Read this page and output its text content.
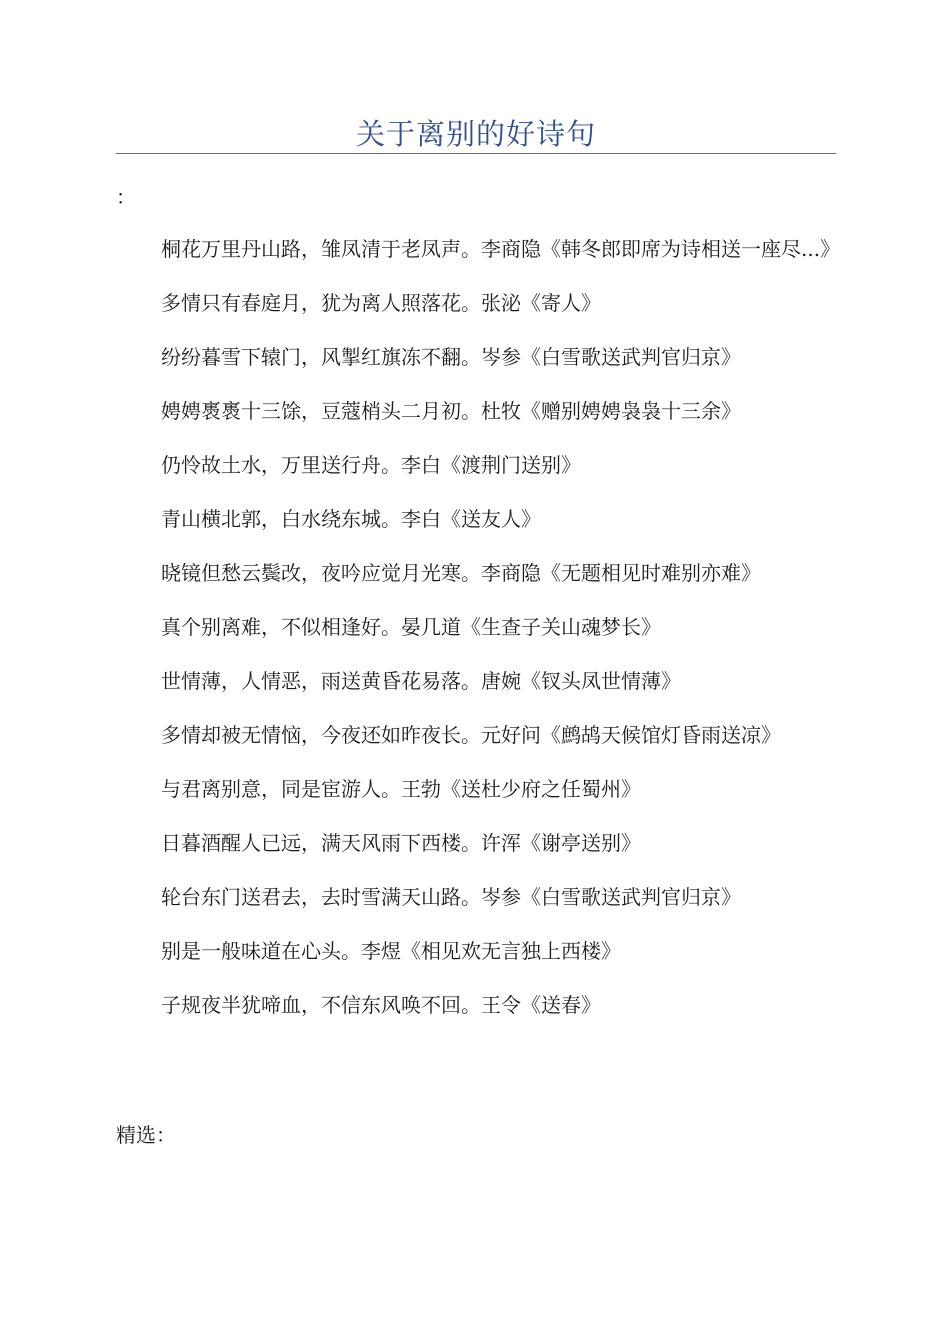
关于离别的好诗句
：

桐花万里丹山路，雏凤清于老凤声。李商隐《韩冬郎即席为诗相送一座尽...》

多情只有春庭月，犹为离人照落花。张泌《寄人》

纷纷暮雪下辕门，风掣红旗冻不翻。岑参《白雪歌送武判官归京》

娉娉褭褭十三馀，豆蔻梢头二月初。杜牧《赠别娉娉袅袅十三余》

仍怜故土水，万里送行舟。李白《渡荆门送别》

青山横北郭，白水绕东城。李白《送友人》

晓镜但愁云鬓改，夜吟应觉月光寒。李商隐《无题相见时难别亦难》

真个别离难，不似相逢好。晏几道《生查子关山魂梦长》

世情薄，人情恶，雨送黄昏花易落。唐婉《钗头凤世情薄》

多情却被无情恼，今夜还如昨夜长。元好问《鹧鸪天候馆灯昏雨送凉》

与君离别意，同是宦游人。王勃《送杜少府之任蜀州》

日暮酒醒人已远，满天风雨下西楼。许浑《谢亭送别》

轮台东门送君去，去时雪满天山路。岑参《白雪歌送武判官归京》

别是一般味道在心头。李煜《相见欢无言独上西楼》

子规夜半犹啼血，不信东风唤不回。王令《送春》

精选：
